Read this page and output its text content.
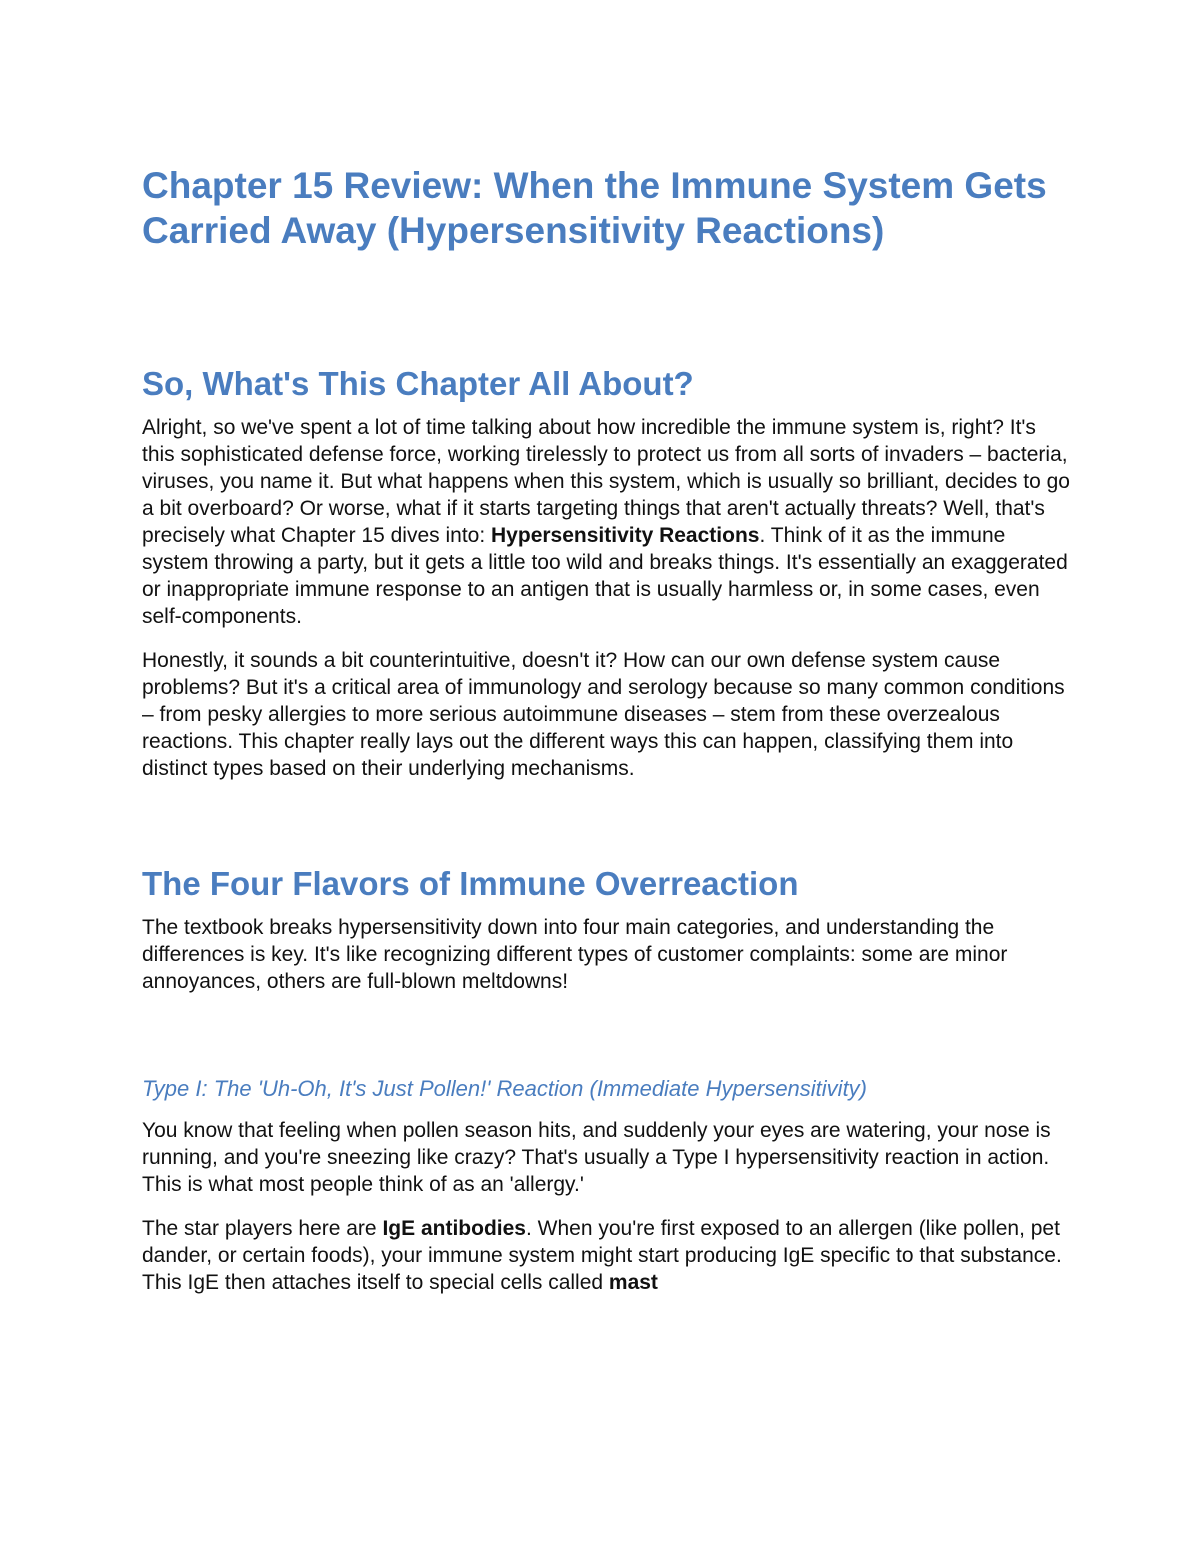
Chapter 15 Review: When the Immune System Gets Carried Away (Hypersensitivity Reactions)
So, What's This Chapter All About?

Alright, so we've spent a lot of time talking about how incredible the immune system is, right? It's this sophisticated defense force, working tirelessly to protect us from all sorts of invaders – bacteria, viruses, you name it. But what happens when this system, which is usually so brilliant, decides to go a bit overboard? Or worse, what if it starts targeting things that aren't actually threats? Well, that's precisely what Chapter 15 dives into: Hypersensitivity Reactions. Think of it as the immune system throwing a party, but it gets a little too wild and breaks things. It's essentially an exaggerated or inappropriate immune response to an antigen that is usually harmless or, in some cases, even self-components.

Honestly, it sounds a bit counterintuitive, doesn't it? How can our own defense system cause problems? But it's a critical area of immunology and serology because so many common conditions – from pesky allergies to more serious autoimmune diseases – stem from these overzealous reactions. This chapter really lays out the different ways this can happen, classifying them into distinct types based on their underlying mechanisms.

The Four Flavors of Immune Overreaction

The textbook breaks hypersensitivity down into four main categories, and understanding the differences is key. It's like recognizing different types of customer complaints: some are minor annoyances, others are full-blown meltdowns!

Type I: The 'Uh-Oh, It's Just Pollen!' Reaction (Immediate Hypersensitivity)

You know that feeling when pollen season hits, and suddenly your eyes are watering, your nose is running, and you're sneezing like crazy? That's usually a Type I hypersensitivity reaction in action. This is what most people think of as an 'allergy.'

The star players here are IgE antibodies. When you're first exposed to an allergen (like pollen, pet dander, or certain foods), your immune system might start producing IgE specific to that substance. This IgE then attaches itself to special cells called mast
